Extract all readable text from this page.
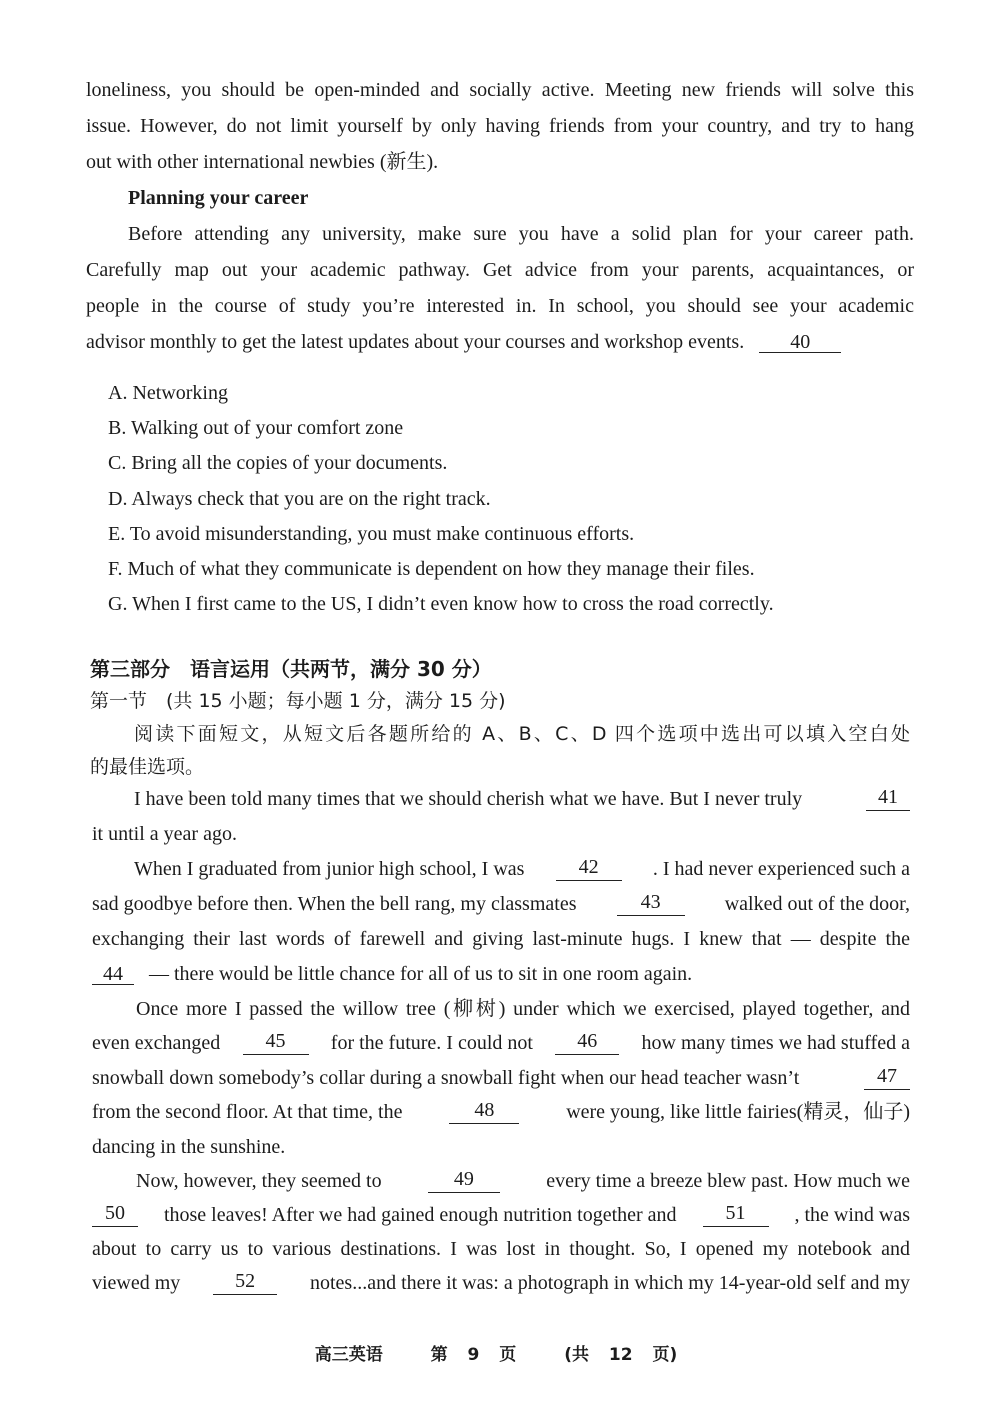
loneliness, you should be open-minded and socially active. Meeting new friends will solve this
issue. However, do not limit yourself by only having friends from your country, and try to hang
out with other international newbies (新生).
Planning your career
Before attending any university, make sure you have a solid plan for your career path.
Carefully map out your academic pathway. Get advice from your parents, acquaintances, or
people in the course of study you’re interested in. In school, you should see your academic
advisor monthly to get the latest updates about your courses and workshop events. 40
A. Networking
B. Walking out of your comfort zone
C. Bring all the copies of your documents.
D. Always check that you are on the right track.
E. To avoid misunderstanding, you must make continuous efforts.
F. Much of what they communicate is dependent on how they manage their files.
G. When I first came to the US, I didn’t even know how to cross the road correctly.
第三部分　语言运用（共两节，满分 30 分）
第一节　(共 15 小题；每小题 1 分，满分 15 分)
阅读下面短文，从短文后各题所给的 A、B、C、D 四个选项中选出可以填入空白处
的最佳选项。
I have been told many times that we should cherish what we have. But I never truly	41
it until a year ago.
When I graduated from junior high school, I was	42	. I had never experienced such a
sad goodbye before then. When the bell rang, my classmates	43	walked out of the door,
exchanging their last words of farewell and giving last-minute hugs. I knew that — despite the
44 — there would be little chance for all of us to sit in one room again.
Once more I passed the willow tree (柳树) under which we exercised, played together, and
even exchanged	45	for the future. I could not	46	how many times we had stuffed a
snowball down somebody’s collar during a snowball fight when our head teacher wasn’t	47
from the second floor. At that time, the	48	were young, like little fairies(精灵，仙子)
dancing in the sunshine.
Now, however, they seemed to	49	every time a breeze blew past. How much we
50	those leaves! After we had gained enough nutrition together and	51	, the wind was
about to carry us to various destinations. I was lost in thought. So, I opened my notebook and
viewed my	52	notes...and there it was: a photograph in which my 14-year-old self and my
高三英语	第 9 页	(共 12 页)
